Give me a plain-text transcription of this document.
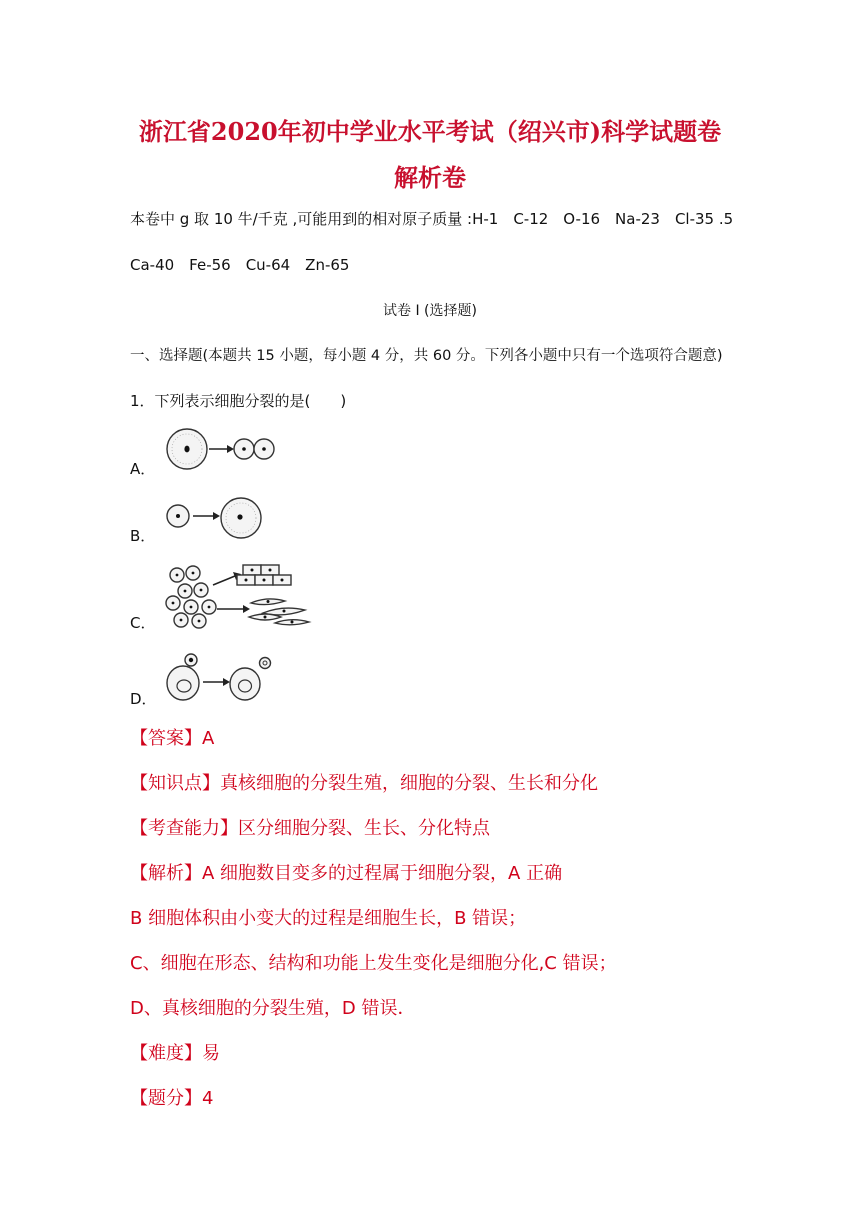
浙江省2020年初中学业水平考试（绍兴市)科学试题卷
解析卷
本卷中 g 取 10 牛/千克 ,可能用到的相对原子质量 :H-1　C-12　O-16　Na-23　Cl-35 .5
Ca-40　Fe-56　Cu-64　Zn-65
试卷 I (选择题)
一、选择题(本题共 15 小题，每小题 4 分，共 60 分。下列各小题中只有一个选项符合题意)
1．下列表示细胞分裂的是(　　)
A．
B．
C．
D．
【答案】A
【知识点】真核细胞的分裂生殖，细胞的分裂、生长和分化
【考查能力】区分细胞分裂、生长、分化特点
【解析】A 细胞数目变多的过程属于细胞分裂，A 正确
B 细胞体积由小变大的过程是细胞生长，B 错误；
C、细胞在形态、结构和功能上发生变化是细胞分化,C 错误；
D、真核细胞的分裂生殖，D 错误．
【难度】易
【题分】4
